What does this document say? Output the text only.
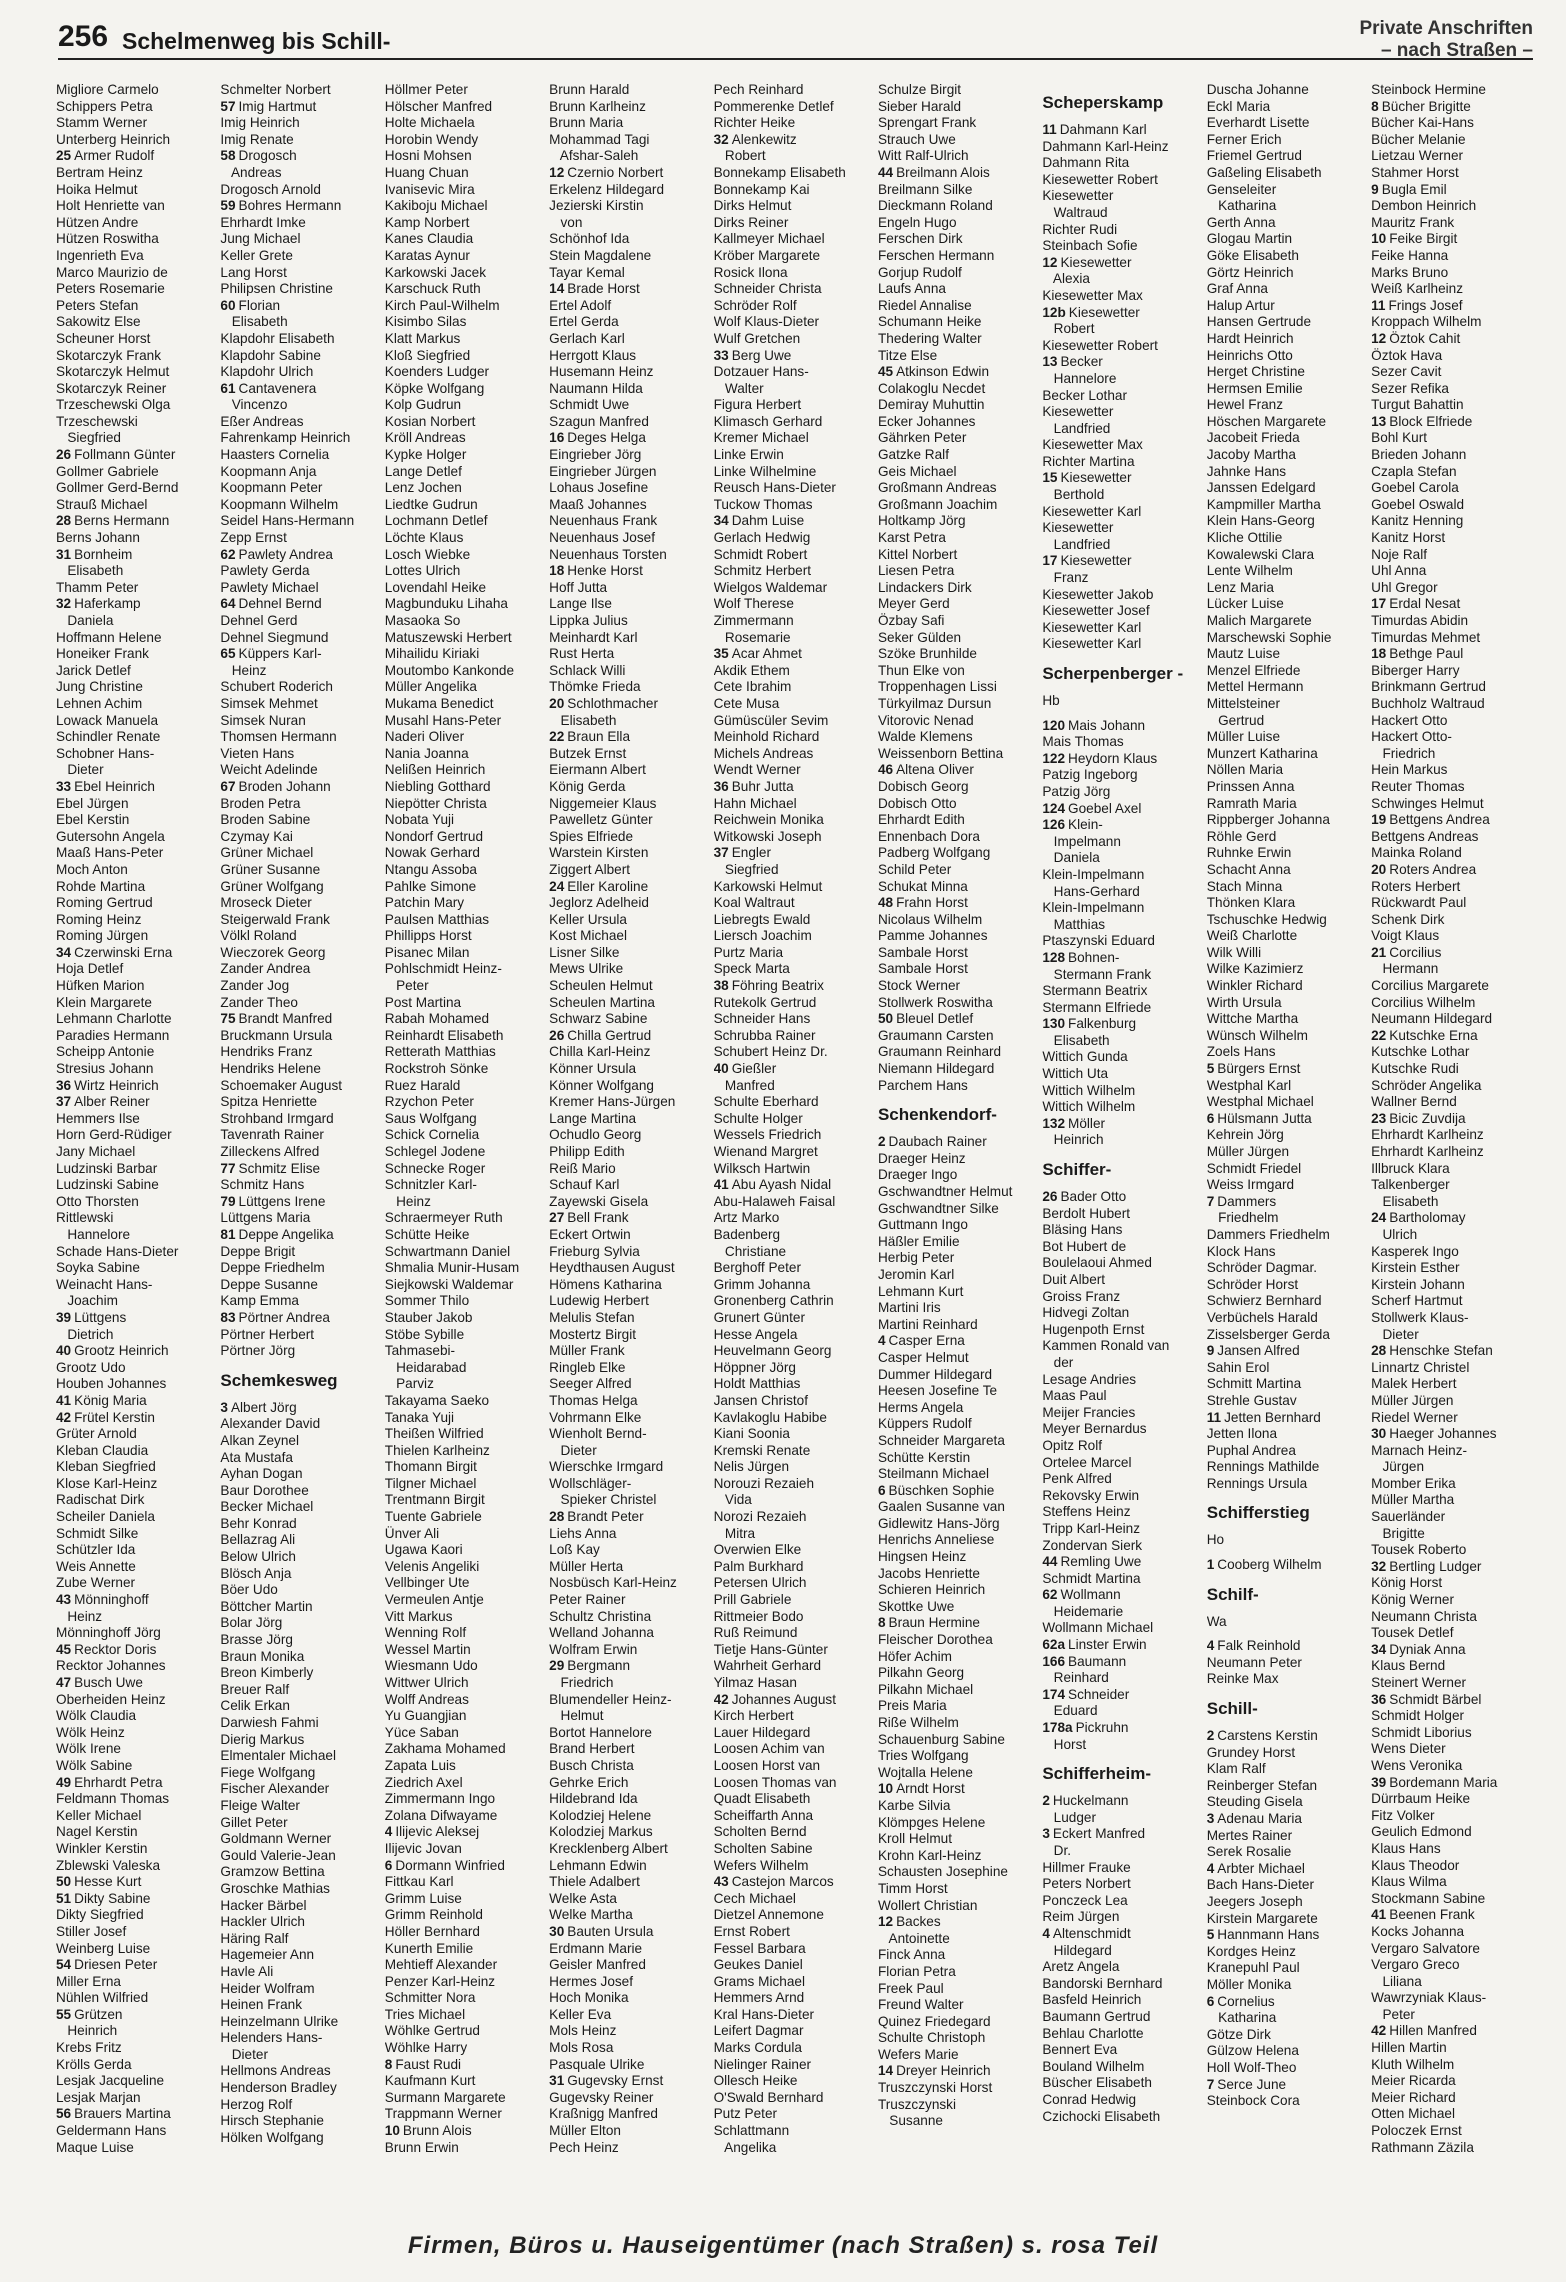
256 Schelmenweg bis Schill-	Private Anschriften
– nach Straßen –
Migliore Carmelo
Schippers Petra
Stamm Werner
Unterberg Heinrich
25 Armer Rudolf
Bertram Heinz
Hoika Helmut
Holt Henriette van
Hützen Andre
Hützen Roswitha
Ingenrieth Eva
Marco Maurizio de
Peters Rosemarie
Peters Stefan
Sakowitz Else
Scheuner Horst
Skotarczyk Frank
Skotarczyk Helmut
Skotarczyk Reiner
Trzeschewski Olga
Trzeschewski
Siegfried
26 Follmann Günter
Gollmer Gabriele
Gollmer Gerd-Bernd
Strauß Michael
28 Berns Hermann
Berns Johann
31 Bornheim
Elisabeth
Thamm Peter
32 Haferkamp
Daniela
Hoffmann Helene
Honeiker Frank
Jarick Detlef
Jung Christine
Lehnen Achim
Lowack Manuela
Schindler Renate
Schobner Hans-
Dieter
33 Ebel Heinrich
Ebel Jürgen
Ebel Kerstin
Gutersohn Angela
Maaß Hans-Peter
Moch Anton
Rohde Martina
Roming Gertrud
Roming Heinz
Roming Jürgen
34 Czerwinski Erna
Hoja Detlef
Hüfken Marion
Klein Margarete
Lehmann Charlotte
Paradies Hermann
Scheipp Antonie
Stresius Johann
36 Wirtz Heinrich
37 Alber Reiner
Hemmers Ilse
Horn Gerd-Rüdiger
Jany Michael
Ludzinski Barbar
Ludzinski Sabine
Otto Thorsten
Rittlewski
Hannelore
Schade Hans-Dieter
Soyka Sabine
Weinacht Hans-
Joachim
39 Lüttgens
Dietrich
40 Grootz Heinrich
Grootz Udo
Houben Johannes
41 König Maria
42 Frütel Kerstin
Grüter Arnold
Kleban Claudia
Kleban Siegfried
Klose Karl-Heinz
Radischat Dirk
Scheiler Daniela
Schmidt Silke
Schützler Ida
Weis Annette
Zube Werner
43 Mönninghoff
Heinz
Mönninghoff Jörg
45 Recktor Doris
Recktor Johannes
47 Busch Uwe
Oberheiden Heinz
Wölk Claudia
Wölk Heinz
Wölk Irene
Wölk Sabine
49 Ehrhardt Petra
Feldmann Thomas
Keller Michael
Nagel Kerstin
Winkler Kerstin
Zblewski Valeska
50 Hesse Kurt
51 Dikty Sabine
Dikty Siegfried
Stiller Josef
Weinberg Luise
54 Driesen Peter
Miller Erna
Nühlen Wilfried
55 Grützen
Heinrich
Krebs Fritz
Krölls Gerda
Lesjak Jacqueline
Lesjak Marjan
56 Brauers Martina
Geldermann Hans
Maque Luise
Schmelter Norbert
57 Imig Hartmut
Imig Heinrich
Imig Renate
58 Drogosch
Andreas
Drogosch Arnold
59 Bohres Hermann
Ehrhardt Imke
Jung Michael
Keller Grete
Lang Horst
Philipsen Christine
60 Florian
Elisabeth
Klapdohr Elisabeth
Klapdohr Sabine
Klapdohr Ulrich
61 Cantavenera
Vincenzo
Eßer Andreas
Fahrenkamp Heinrich
Haasters Cornelia
Koopmann Anja
Koopmann Peter
Koopmann Wilhelm
Seidel Hans-Hermann
Zepp Ernst
62 Pawlety Andrea
Pawlety Gerda
Pawlety Michael
64 Dehnel Bernd
Dehnel Gerd
Dehnel Siegmund
65 Küppers Karl-
Heinz
Schubert Roderich
Simsek Mehmet
Simsek Nuran
Thomsen Hermann
Vieten Hans
Weicht Adelinde
67 Broden Johann
Broden Petra
Broden Sabine
Czymay Kai
Grüner Michael
Grüner Susanne
Grüner Wolfgang
Mroseck Dieter
Steigerwald Frank
Völkl Roland
Wieczorek Georg
Zander Andrea
Zander Jog
Zander Theo
75 Brandt Manfred
Bruckmann Ursula
Hendriks Franz
Hendriks Helene
Schoemaker August
Spitza Henriette
Strohband Irmgard
Tavenrath Rainer
Zilleckens Alfred
77 Schmitz Elise
Schmitz Hans
79 Lüttgens Irene
Lüttgens Maria
81 Deppe Angelika
Deppe Brigit
Deppe Friedhelm
Deppe Susanne
Kamp Emma
83 Pörtner Andrea
Pörtner Herbert
Pörtner Jörg
Schemkesweg
3 Albert Jörg
Alexander David
Alkan Zeynel
Ata Mustafa
Ayhan Dogan
Baur Dorothee
Becker Michael
Behr Konrad
Bellazrag Ali
Below Ulrich
Blösch Anja
Böer Udo
Böttcher Martin
Bolar Jörg
Brasse Jörg
Braun Monika
Breon Kimberly
Breuer Ralf
Celik Erkan
Darwiesh Fahmi
Dierig Markus
Elmentaler Michael
Fiege Wolfgang
Fischer Alexander
Fleige Walter
Gillet Peter
Goldmann Werner
Gould Valerie-Jean
Gramzow Bettina
Groschke Mathias
Hacker Bärbel
Hackler Ulrich
Häring Ralf
Hagemeier Ann
Havle Ali
Heider Wolfram
Heinen Frank
Heinzelmann Ulrike
Helenders Hans-
Dieter
Hellmons Andreas
Henderson Bradley
Herzog Rolf
Hirsch Stephanie
Hölken Wolfgang
Höllmer Peter
Hölscher Manfred
Holte Michaela
Horobin Wendy
Hosni Mohsen
Huang Chuan
Ivanisevic Mira
Kakiboju Michael
Kamp Norbert
Kanes Claudia
Karatas Aynur
Karkowski Jacek
Karschuck Ruth
Kirch Paul-Wilhelm
Kisimbo Silas
Klatt Markus
Kloß Siegfried
Koenders Ludger
Köpke Wolfgang
Kolp Gudrun
Kosian Norbert
Kröll Andreas
Kypke Holger
Lange Detlef
Lenz Jochen
Liedtke Gudrun
Lochmann Detlef
Löchte Klaus
Losch Wiebke
Lottes Ulrich
Lovendahl Heike
Magbunduku Lihaha
Masaoka So
Matuszewski Herbert
Mihailidu Kiriaki
Moutombo Kankonde
Müller Angelika
Mukama Benedict
Musahl Hans-Peter
Naderi Oliver
Nania Joanna
Nelißen Heinrich
Niebling Gotthard
Niepötter Christa
Nobata Yuji
Nondorf Gertrud
Nowak Gerhard
Ntangu Assoba
Pahlke Simone
Patchin Mary
Paulsen Matthias
Phillipps Horst
Pisanec Milan
Pohlschmidt Heinz-
Peter
Post Martina
Rabah Mohamed
Reinhardt Elisabeth
Retterath Matthias
Rockstroh Sönke
Ruez Harald
Rzychon Peter
Saus Wolfgang
Schick Cornelia
Schlegel Jodene
Schnecke Roger
Schnitzler Karl-
Heinz
Schraermeyer Ruth
Schütte Heike
Schwartmann Daniel
Shmalia Munir-Husam
Siejkowski Waldemar
Sommer Thilo
Stauber Jakob
Stöbe Sybille
Tahmasebi-
Heidarabad
Parviz
Takayama Saeko
Tanaka Yuji
Theißen Wilfried
Thielen Karlheinz
Thomann Birgit
Tilgner Michael
Trentmann Birgit
Tuente Gabriele
Ünver Ali
Ugawa Kaori
Velenis Angeliki
Vellbinger Ute
Vermeulen Antje
Vitt Markus
Wenning Rolf
Wessel Martin
Wiesmann Udo
Wittwer Ulrich
Wolff Andreas
Yu Guangjian
Yüce Saban
Zakhama Mohamed
Zapata Luis
Ziedrich Axel
Zimmermann Ingo
Zolana Difwayame
4 Ilijevic Aleksej
Ilijevic Jovan
6 Dormann Winfried
Fittkau Karl
Grimm Luise
Grimm Reinhold
Höller Bernhard
Kunerth Emilie
Mehtieff Alexander
Penzer Karl-Heinz
Schmitter Nora
Tries Michael
Wöhlke Gertrud
Wöhlke Harry
8 Faust Rudi
Kaufmann Kurt
Surmann Margarete
Trappmann Werner
10 Brunn Alois
Brunn Erwin
Brunn Harald
Brunn Karlheinz
Brunn Maria
Mohammad Tagi
Afshar-Saleh
12 Czernio Norbert
Erkelenz Hildegard
Jezierski Kirstin
von
Schönhof Ida
Stein Magdalene
Tayar Kemal
14 Brade Horst
Ertel Adolf
Ertel Gerda
Gerlach Karl
Herrgott Klaus
Husemann Heinz
Naumann Hilda
Schmidt Uwe
Szagun Manfred
16 Deges Helga
Eingrieber Jörg
Eingrieber Jürgen
Lohaus Josefine
Maaß Johannes
Neuenhaus Frank
Neuenhaus Josef
Neuenhaus Torsten
18 Henke Horst
Hoff Jutta
Lange Ilse
Lippka Julius
Meinhardt Karl
Rust Herta
Schlack Willi
Thömke Frieda
20 Schlothmacher
Elisabeth
22 Braun Ella
Butzek Ernst
Eiermann Albert
König Gerda
Niggemeier Klaus
Pawelletz Günter
Spies Elfriede
Warstein Kirsten
Ziggert Albert
24 Eller Karoline
Jeglorz Adelheid
Keller Ursula
Kost Michael
Lisner Silke
Mews Ulrike
Scheulen Helmut
Scheulen Martina
Schwarz Sabine
26 Chilla Gertrud
Chilla Karl-Heinz
Könner Ursula
Könner Wolfgang
Kremer Hans-Jürgen
Lange Martina
Ochudlo Georg
Philipp Edith
Reiß Mario
Schauf Karl
Zayewski Gisela
27 Bell Frank
Eckert Ortwin
Frieburg Sylvia
Heydthausen August
Hömens Katharina
Ludewig Herbert
Melulis Stefan
Mostertz Birgit
Müller Frank
Ringleb Elke
Seeger Alfred
Thomas Helga
Vohrmann Elke
Wienholt Bernd-
Dieter
Wierschke Irmgard
Wollschläger-
Spieker Christel
28 Brandt Peter
Liehs Anna
Loß Kay
Müller Herta
Nosbüsch Karl-Heinz
Peter Rainer
Schultz Christina
Welland Johanna
Wolfram Erwin
29 Bergmann
Friedrich
Blumendeller Heinz-
Helmut
Bortot Hannelore
Brand Herbert
Busch Christa
Gehrke Erich
Hildebrand Ida
Kolodziej Helene
Kolodziej Markus
Krecklenberg Albert
Lehmann Edwin
Thiele Adalbert
Welke Asta
Welke Martha
30 Bauten Ursula
Erdmann Marie
Geisler Manfred
Hermes Josef
Hoch Monika
Keller Eva
Mols Heinz
Mols Rosa
Pasquale Ulrike
31 Gugevsky Ernst
Gugevsky Reiner
Kraßnigg Manfred
Müller Elton
Pech Heinz
Pech Reinhard
Pommerenke Detlef
Richter Heike
32 Alenkewitz
Robert
Bonnekamp Elisabeth
Bonnekamp Kai
Dirks Helmut
Dirks Reiner
Kallmeyer Michael
Kröber Margarete
Rosick Ilona
Schneider Christa
Schröder Rolf
Wolf Klaus-Dieter
Wulf Gretchen
33 Berg Uwe
Dotzauer Hans-
Walter
Figura Herbert
Klimasch Gerhard
Kremer Michael
Linke Erwin
Linke Wilhelmine
Reusch Hans-Dieter
Tuckow Thomas
34 Dahm Luise
Gerlach Hedwig
Schmidt Robert
Schmitz Herbert
Wielgos Waldemar
Wolf Therese
Zimmermann
Rosemarie
35 Acar Ahmet
Akdik Ethem
Cete Ibrahim
Cete Musa
Gümüscüler Sevim
Meinhold Richard
Michels Andreas
Wendt Werner
36 Buhr Jutta
Hahn Michael
Reichwein Monika
Witkowski Joseph
37 Engler
Siegfried
Karkowski Helmut
Koal Waltraut
Liebregts Ewald
Liersch Joachim
Purtz Maria
Speck Marta
38 Föhring Beatrix
Rutekolk Gertrud
Schneider Hans
Schrubba Rainer
Schubert Heinz Dr.
40 Gießler
Manfred
Schulte Eberhard
Schulte Holger
Wessels Friedrich
Wienand Margret
Wilksch Hartwin
41 Abu Ayash Nidal
Abu-Halaweh Faisal
Artz Marko
Badenberg
Christiane
Berghoff Peter
Grimm Johanna
Gronenberg Cathrin
Grunert Günter
Hesse Angela
Heuvelmann Georg
Höppner Jörg
Holdt Matthias
Jansen Christof
Kavlakoglu Habibe
Kiani Soonia
Kremski Renate
Nelis Jürgen
Norouzi Rezaieh
Vida
Norozi Rezaieh
Mitra
Overwien Elke
Palm Burkhard
Petersen Ulrich
Prill Gabriele
Rittmeier Bodo
Ruß Reimund
Tietje Hans-Günter
Wahrheit Gerhard
Yilmaz Hasan
42 Johannes August
Kirch Herbert
Lauer Hildegard
Loosen Achim van
Loosen Horst van
Loosen Thomas van
Quadt Elisabeth
Scheiffarth Anna
Scholten Bernd
Scholten Sabine
Wefers Wilhelm
43 Castejon Marcos
Cech Michael
Dietzel Annemone
Ernst Robert
Fessel Barbara
Geukes Daniel
Grams Michael
Hemmers Arnd
Kral Hans-Dieter
Leifert Dagmar
Marks Cordula
Nielinger Rainer
Ollesch Heike
O'Swald Bernhard
Putz Peter
Schlattmann
Angelika
Schulze Birgit
Sieber Harald
Sprengart Frank
Strauch Uwe
Witt Ralf-Ulrich
44 Breilmann Alois
Breilmann Silke
Dieckmann Roland
Engeln Hugo
Ferschen Dirk
Ferschen Hermann
Gorjup Rudolf
Laufs Anna
Riedel Annalise
Schumann Heike
Thedering Walter
Titze Else
45 Atkinson Edwin
Colakoglu Necdet
Demiray Muhuttin
Ecker Johannes
Gährken Peter
Gatzke Ralf
Geis Michael
Großmann Andreas
Großmann Joachim
Holtkamp Jörg
Karst Petra
Kittel Norbert
Liesen Petra
Lindackers Dirk
Meyer Gerd
Özbay Safi
Seker Gülden
Szöke Brunhilde
Thun Elke von
Troppenhagen Lissi
Türkyilmaz Dursun
Vitorovic Nenad
Walde Klemens
Weissenborn Bettina
46 Altena Oliver
Dobisch Georg
Dobisch Otto
Ehrhardt Edith
Ennenbach Dora
Padberg Wolfgang
Schild Peter
Schukat Minna
48 Frahn Horst
Nicolaus Wilhelm
Pamme Johannes
Sambale Horst
Sambale Horst
Stock Werner
Stollwerk Roswitha
50 Bleuel Detlef
Graumann Carsten
Graumann Reinhard
Niemann Hildegard
Parchem Hans
Schenkendorf-
2 Daubach Rainer
Draeger Heinz
Draeger Ingo
Gschwandtner Helmut
Gschwandtner Silke
Guttmann Ingo
Häßler Emilie
Herbig Peter
Jeromin Karl
Lehmann Kurt
Martini Iris
Martini Reinhard
4 Casper Erna
Casper Helmut
Dummer Hildegard
Heesen Josefine Te
Herms Angela
Küppers Rudolf
Schneider Margareta
Schütte Kerstin
Steilmann Michael
6 Büschken Sophie
Gaalen Susanne van
Gidlewitz Hans-Jörg
Henrichs Anneliese
Hingsen Heinz
Jacobs Henriette
Schieren Heinrich
Skottke Uwe
8 Braun Hermine
Fleischer Dorothea
Höfer Achim
Pilkahn Georg
Pilkahn Michael
Preis Maria
Riße Wilhelm
Schauenburg Sabine
Tries Wolfgang
Wojtalla Helene
10 Arndt Horst
Karbe Silvia
Klömpges Helene
Kroll Helmut
Krohn Karl-Heinz
Schausten Josephine
Timm Horst
Wollert Christian
12 Backes
Antoinette
Finck Anna
Florian Petra
Freek Paul
Freund Walter
Quinez Friedegard
Schulte Christoph
Wefers Marie
14 Dreyer Heinrich
Truszczynski Horst
Truszczynski
Susanne
Scheperskamp
11 Dahmann Karl
Dahmann Karl-Heinz
Dahmann Rita
Kiesewetter Robert
Kiesewetter
Waltraud
Richter Rudi
Steinbach Sofie
12 Kiesewetter
Alexia
Kiesewetter Max
12b Kiesewetter
Robert
Kiesewetter Robert
13 Becker
Hannelore
Becker Lothar
Kiesewetter
Landfried
Kiesewetter Max
Richter Martina
15 Kiesewetter
Berthold
Kiesewetter Karl
Kiesewetter
Landfried
17 Kiesewetter
Franz
Kiesewetter Jakob
Kiesewetter Josef
Kiesewetter Karl
Kiesewetter Karl
Scherpenberger -
Hb
120 Mais Johann
Mais Thomas
122 Heydorn Klaus
Patzig Ingeborg
Patzig Jörg
124 Goebel Axel
126 Klein-
Impelmann
Daniela
Klein-Impelmann
Hans-Gerhard
Klein-Impelmann
Matthias
Ptaszynski Eduard
128 Bohnen-
Stermann Frank
Stermann Beatrix
Stermann Elfriede
130 Falkenburg
Elisabeth
Wittich Gunda
Wittich Uta
Wittich Wilhelm
Wittich Wilhelm
132 Möller
Heinrich
Schiffer-
26 Bader Otto
Berdolt Hubert
Bläsing Hans
Bot Hubert de
Boulelaoui Ahmed
Duit Albert
Groiss Franz
Hidvegi Zoltan
Hugenpoth Ernst
Kammen Ronald van
der
Lesage Andries
Maas Paul
Meijer Francies
Meyer Bernardus
Opitz Rolf
Ortelee Marcel
Penk Alfred
Rekovsky Erwin
Steffens Heinz
Tripp Karl-Heinz
Zondervan Sierk
44 Remling Uwe
Schmidt Martina
62 Wollmann
Heidemarie
Wollmann Michael
62a Linster Erwin
166 Baumann
Reinhard
174 Schneider
Eduard
178a Pickruhn
Horst
Schifferheim-
2 Huckelmann
Ludger
3 Eckert Manfred
Dr.
Hillmer Frauke
Peters Norbert
Ponczeck Lea
Reim Jürgen
4 Altenschmidt
Hildegard
Aretz Angela
Bandorski Bernhard
Basfeld Heinrich
Baumann Gertrud
Behlau Charlotte
Bennert Eva
Bouland Wilhelm
Büscher Elisabeth
Conrad Hedwig
Czichocki Elisabeth
Duscha Johanne
Eckl Maria
Everhardt Lisette
Ferner Erich
Friemel Gertrud
Gaßeling Elisabeth
Genseleiter
Katharina
Gerth Anna
Glogau Martin
Göke Elisabeth
Görtz Heinrich
Graf Anna
Halup Artur
Hansen Gertrude
Hardt Heinrich
Heinrichs Otto
Herget Christine
Hermsen Emilie
Hewel Franz
Höschen Margarete
Jacobeit Frieda
Jacoby Martha
Jahnke Hans
Janssen Edelgard
Kampmiller Martha
Klein Hans-Georg
Kliche Ottilie
Kowalewski Clara
Lente Wilhelm
Lenz Maria
Lücker Luise
Malich Margarete
Marschewski Sophie
Mautz Luise
Menzel Elfriede
Mettel Hermann
Mittelsteiner
Gertrud
Müller Luise
Munzert Katharina
Nöllen Maria
Prinssen Anna
Ramrath Maria
Rippberger Johanna
Röhle Gerd
Ruhnke Erwin
Schacht Anna
Stach Minna
Thönken Klara
Tschuschke Hedwig
Weiß Charlotte
Wilk Willi
Wilke Kazimierz
Winkler Richard
Wirth Ursula
Wittche Martha
Wünsch Wilhelm
Zoels Hans
5 Bürgers Ernst
Westphal Karl
Westphal Michael
6 Hülsmann Jutta
Kehrein Jörg
Müller Jürgen
Schmidt Friedel
Weiss Irmgard
7 Dammers
Friedhelm
Dammers Friedhelm
Klock Hans
Schröder Dagmar.
Schröder Horst
Schwierz Bernhard
Verbüchels Harald
Zisselsberger Gerda
9 Jansen Alfred
Sahin Erol
Schmitt Martina
Strehle Gustav
11 Jetten Bernhard
Jetten Ilona
Puphal Andrea
Rennings Mathilde
Rennings Ursula
Schifferstieg
Ho
1 Cooberg Wilhelm
Schilf-
Wa
4 Falk Reinhold
Neumann Peter
Reinke Max
Schill-
2 Carstens Kerstin
Grundey Horst
Klam Ralf
Reinberger Stefan
Steuding Gisela
3 Adenau Maria
Mertes Rainer
Serek Rosalie
4 Arbter Michael
Bach Hans-Dieter
Jeegers Joseph
Kirstein Margarete
5 Hannmann Hans
Kordges Heinz
Kranepuhl Paul
Möller Monika
6 Cornelius
Katharina
Götze Dirk
Gülzow Helena
Holl Wolf-Theo
7 Serce June
Steinbock Cora
Steinbock Hermine
8 Bücher Brigitte
Bücher Kai-Hans
Bücher Melanie
Lietzau Werner
Stahmer Horst
9 Bugla Emil
Dembon Heinrich
Mauritz Frank
10 Feike Birgit
Feike Hanna
Marks Bruno
Weiß Karlheinz
11 Frings Josef
Kroppach Wilhelm
12 Öztok Cahit
Öztok Hava
Sezer Cavit
Sezer Refika
Turgut Bahattin
13 Block Elfriede
Bohl Kurt
Brieden Johann
Czapla Stefan
Goebel Carola
Goebel Oswald
Kanitz Henning
Kanitz Horst
Noje Ralf
Uhl Anna
Uhl Gregor
17 Erdal Nesat
Timurdas Abidin
Timurdas Mehmet
18 Bethge Paul
Biberger Harry
Brinkmann Gertrud
Buchholz Waltraud
Hackert Otto
Hackert Otto-
Friedrich
Hein Markus
Reuter Thomas
Schwinges Helmut
19 Bettgens Andrea
Bettgens Andreas
Mainka Roland
20 Roters Andrea
Roters Herbert
Rückwardt Paul
Schenk Dirk
Voigt Klaus
21 Corcilius
Hermann
Corcilius Margarete
Corcilius Wilhelm
Neumann Hildegard
22 Kutschke Erna
Kutschke Lothar
Kutschke Rudi
Schröder Angelika
Wallner Bernd
23 Bicic Zuvdija
Ehrhardt Karlheinz
Ehrhardt Karlheinz
Illbruck Klara
Talkenberger
Elisabeth
24 Bartholomay
Ulrich
Kasperek Ingo
Kirstein Esther
Kirstein Johann
Scherf Hartmut
Stollwerk Klaus-
Dieter
28 Henschke Stefan
Linnartz Christel
Malek Herbert
Müller Jürgen
Riedel Werner
30 Haeger Johannes
Marnach Heinz-
Jürgen
Momber Erika
Müller Martha
Sauerländer
Brigitte
Tousek Roberto
32 Bertling Ludger
König Horst
König Werner
Neumann Christa
Tousek Detlef
34 Dyniak Anna
Klaus Bernd
Steinert Werner
36 Schmidt Bärbel
Schmidt Holger
Schmidt Liborius
Wens Dieter
Wens Veronika
39 Bordemann Maria
Dürrbaum Heike
Fitz Volker
Geulich Edmond
Klaus Hans
Klaus Theodor
Klaus Wilma
Stockmann Sabine
41 Beenen Frank
Kocks Johanna
Vergaro Salvatore
Vergaro Greco
Liliana
Wawrzyniak Klaus-
Peter
42 Hillen Manfred
Hillen Martin
Kluth Wilhelm
Meier Ricarda
Meier Richard
Otten Michael
Poloczek Ernst
Rathmann Zäzila
Firmen, Büros u. Hauseigentümer (nach Straßen) s. rosa Teil
